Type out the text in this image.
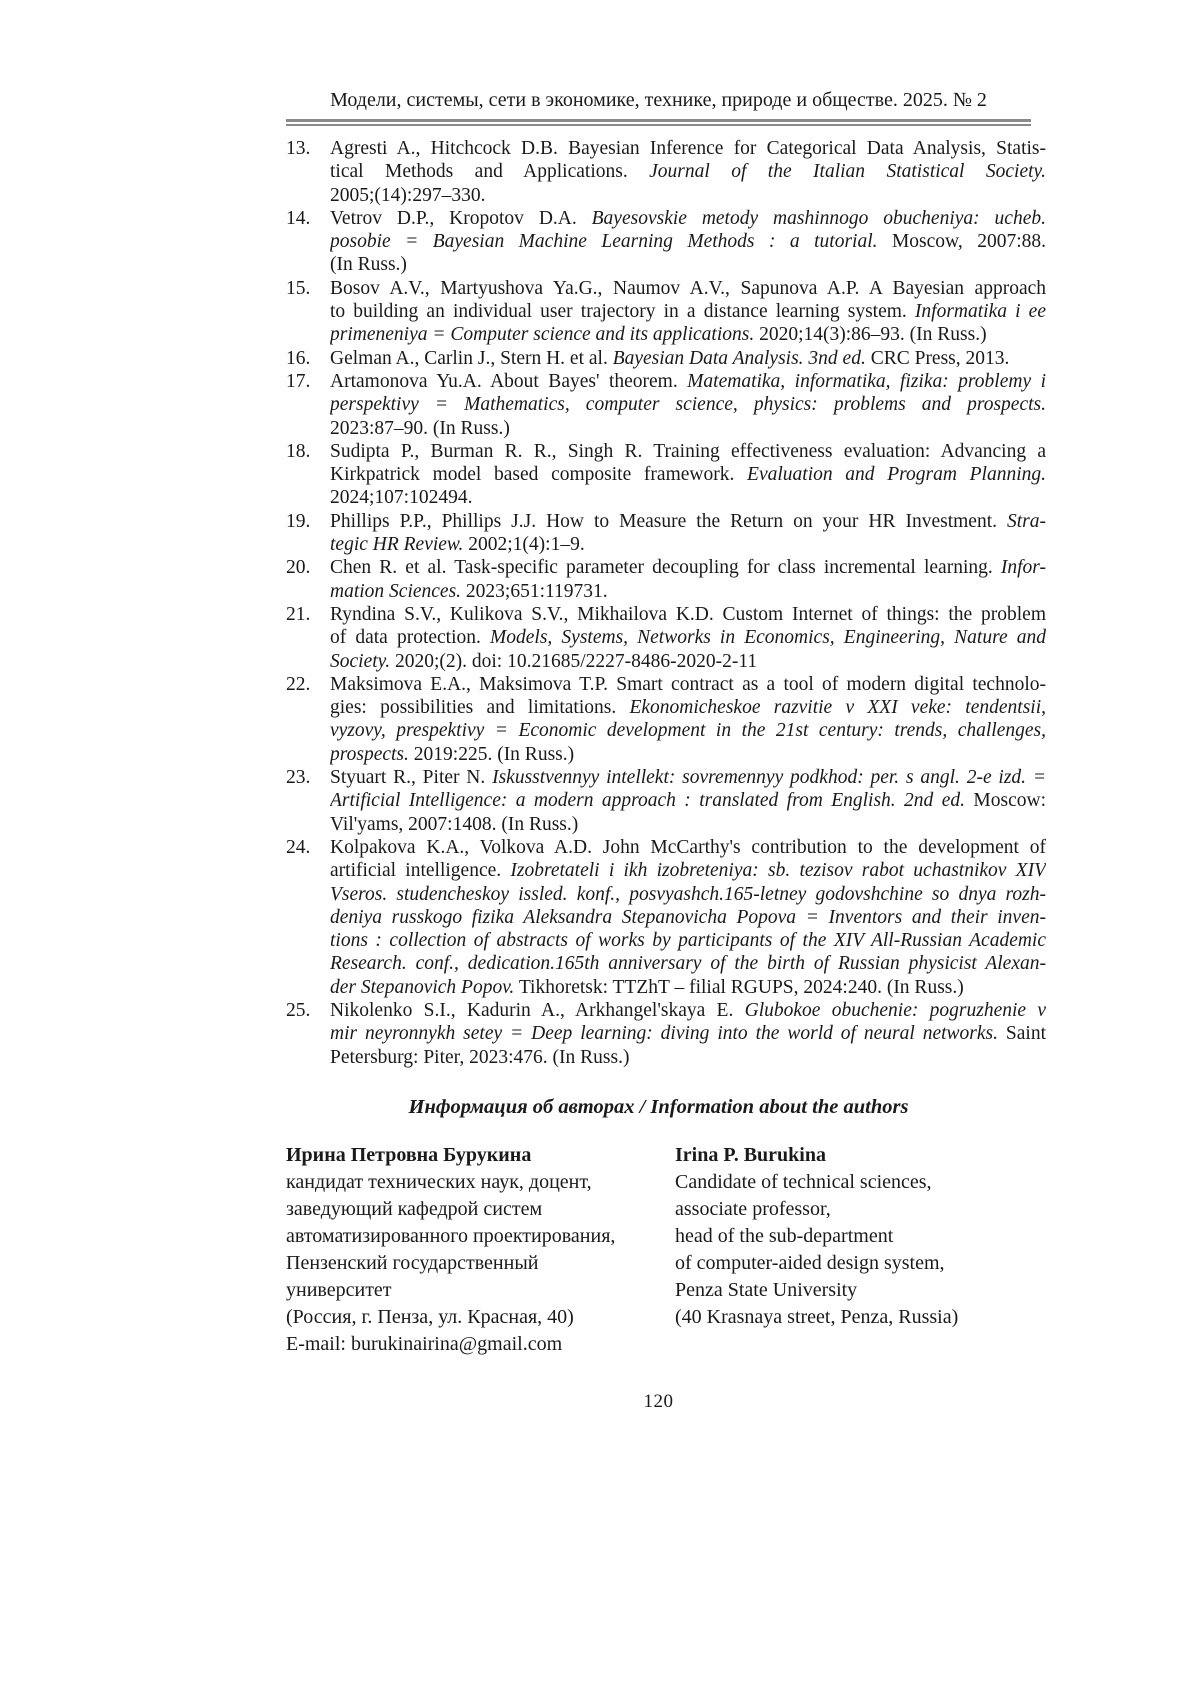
Модели, системы, сети в экономике, технике, природе и обществе. 2025. № 2
13. Agresti A., Hitchcock D.B. Bayesian Inference for Categorical Data Analysis, Statis-
tical Methods and Applications. Journal of the Italian Statistical Society.
2005;(14):297–330.
14. Vetrov D.P., Kropotov D.A. Bayesovskie metody mashinnogo obucheniya: ucheb.
posobie = Bayesian Machine Learning Methods : a tutorial. Moscow, 2007:88.
(In Russ.)
15. Bosov A.V., Martyushova Ya.G., Naumov A.V., Sapunova A.P. A Bayesian approach
to building an individual user trajectory in a distance learning system. Informatika i ee
primeneniya = Computer science and its applications. 2020;14(3):86–93. (In Russ.)
16. Gelman A., Carlin J., Stern H. et al. Bayesian Data Analysis. 3nd ed. CRC Press, 2013.
17. Artamonova Yu.A. About Bayes' theorem. Matematika, informatika, fizika: problemy i
perspektivy = Mathematics, computer science, physics: problems and prospects.
2023:87–90. (In Russ.)
18. Sudipta P., Burman R. R., Singh R. Training effectiveness evaluation: Advancing a
Kirkpatrick model based composite framework. Evaluation and Program Planning.
2024;107:102494.
19. Phillips P.P., Phillips J.J. How to Measure the Return on your HR Investment. Stra-
tegic HR Review. 2002;1(4):1–9.
20. Chen R. et al. Task-specific parameter decoupling for class incremental learning. Infor-
mation Sciences. 2023;651:119731.
21. Ryndina S.V., Kulikova S.V., Mikhailova K.D. Custom Internet of things: the problem
of data protection. Models, Systems, Networks in Economics, Engineering, Nature and
Society. 2020;(2). doi: 10.21685/2227-8486-2020-2-11
22. Maksimova E.A., Maksimova T.P. Smart contract as a tool of modern digital technolo-
gies: possibilities and limitations. Ekonomicheskoe razvitie v XXI veke: tendentsii,
vyzovy, prespektivy = Economic development in the 21st century: trends, challenges,
prospects. 2019:225. (In Russ.)
23. Styuart R., Piter N. Iskusstvennyy intellekt: sovremennyy podkhod: per. s angl. 2-e izd. =
Artificial Intelligence: a modern approach : translated from English. 2nd ed. Moscow:
Vil'yams, 2007:1408. (In Russ.)
24. Kolpakova K.A., Volkova A.D. John McCarthy's contribution to the development of
artificial intelligence. Izobretateli i ikh izobreteniya: sb. tezisov rabot uchastnikov XIV
Vseros. studencheskoy issled. konf., posvyashch.165-letney godovshchine so dnya rozh-
deniya russkogo fizika Aleksandra Stepanovicha Popova = Inventors and their inven-
tions : collection of abstracts of works by participants of the XIV All-Russian Academic
Research. conf., dedication.165th anniversary of the birth of Russian physicist Alexan-
der Stepanovich Popov. Tikhoretsk: TTZhT – filial RGUPS, 2024:240. (In Russ.)
25. Nikolenko S.I., Kadurin A., Arkhangel'skaya E. Glubokoe obuchenie: pogruzhenie v
mir neyronnykh setey = Deep learning: diving into the world of neural networks. Saint
Petersburg: Piter, 2023:476. (In Russ.)
Информация об авторах / Information about the authors
Ирина Петровна Бурукина
кандидат технических наук, доцент,
заведующий кафедрой систем
автоматизированного проектирования,
Пензенский государственный
университет
(Россия, г. Пенза, ул. Красная, 40)
E-mail: burukinairina@gmail.com
Irina P. Burukina
Candidate of technical sciences,
associate professor,
head of the sub-department
of computer-aided design system,
Penza State University
(40 Krasnaya street, Penza, Russia)
120
